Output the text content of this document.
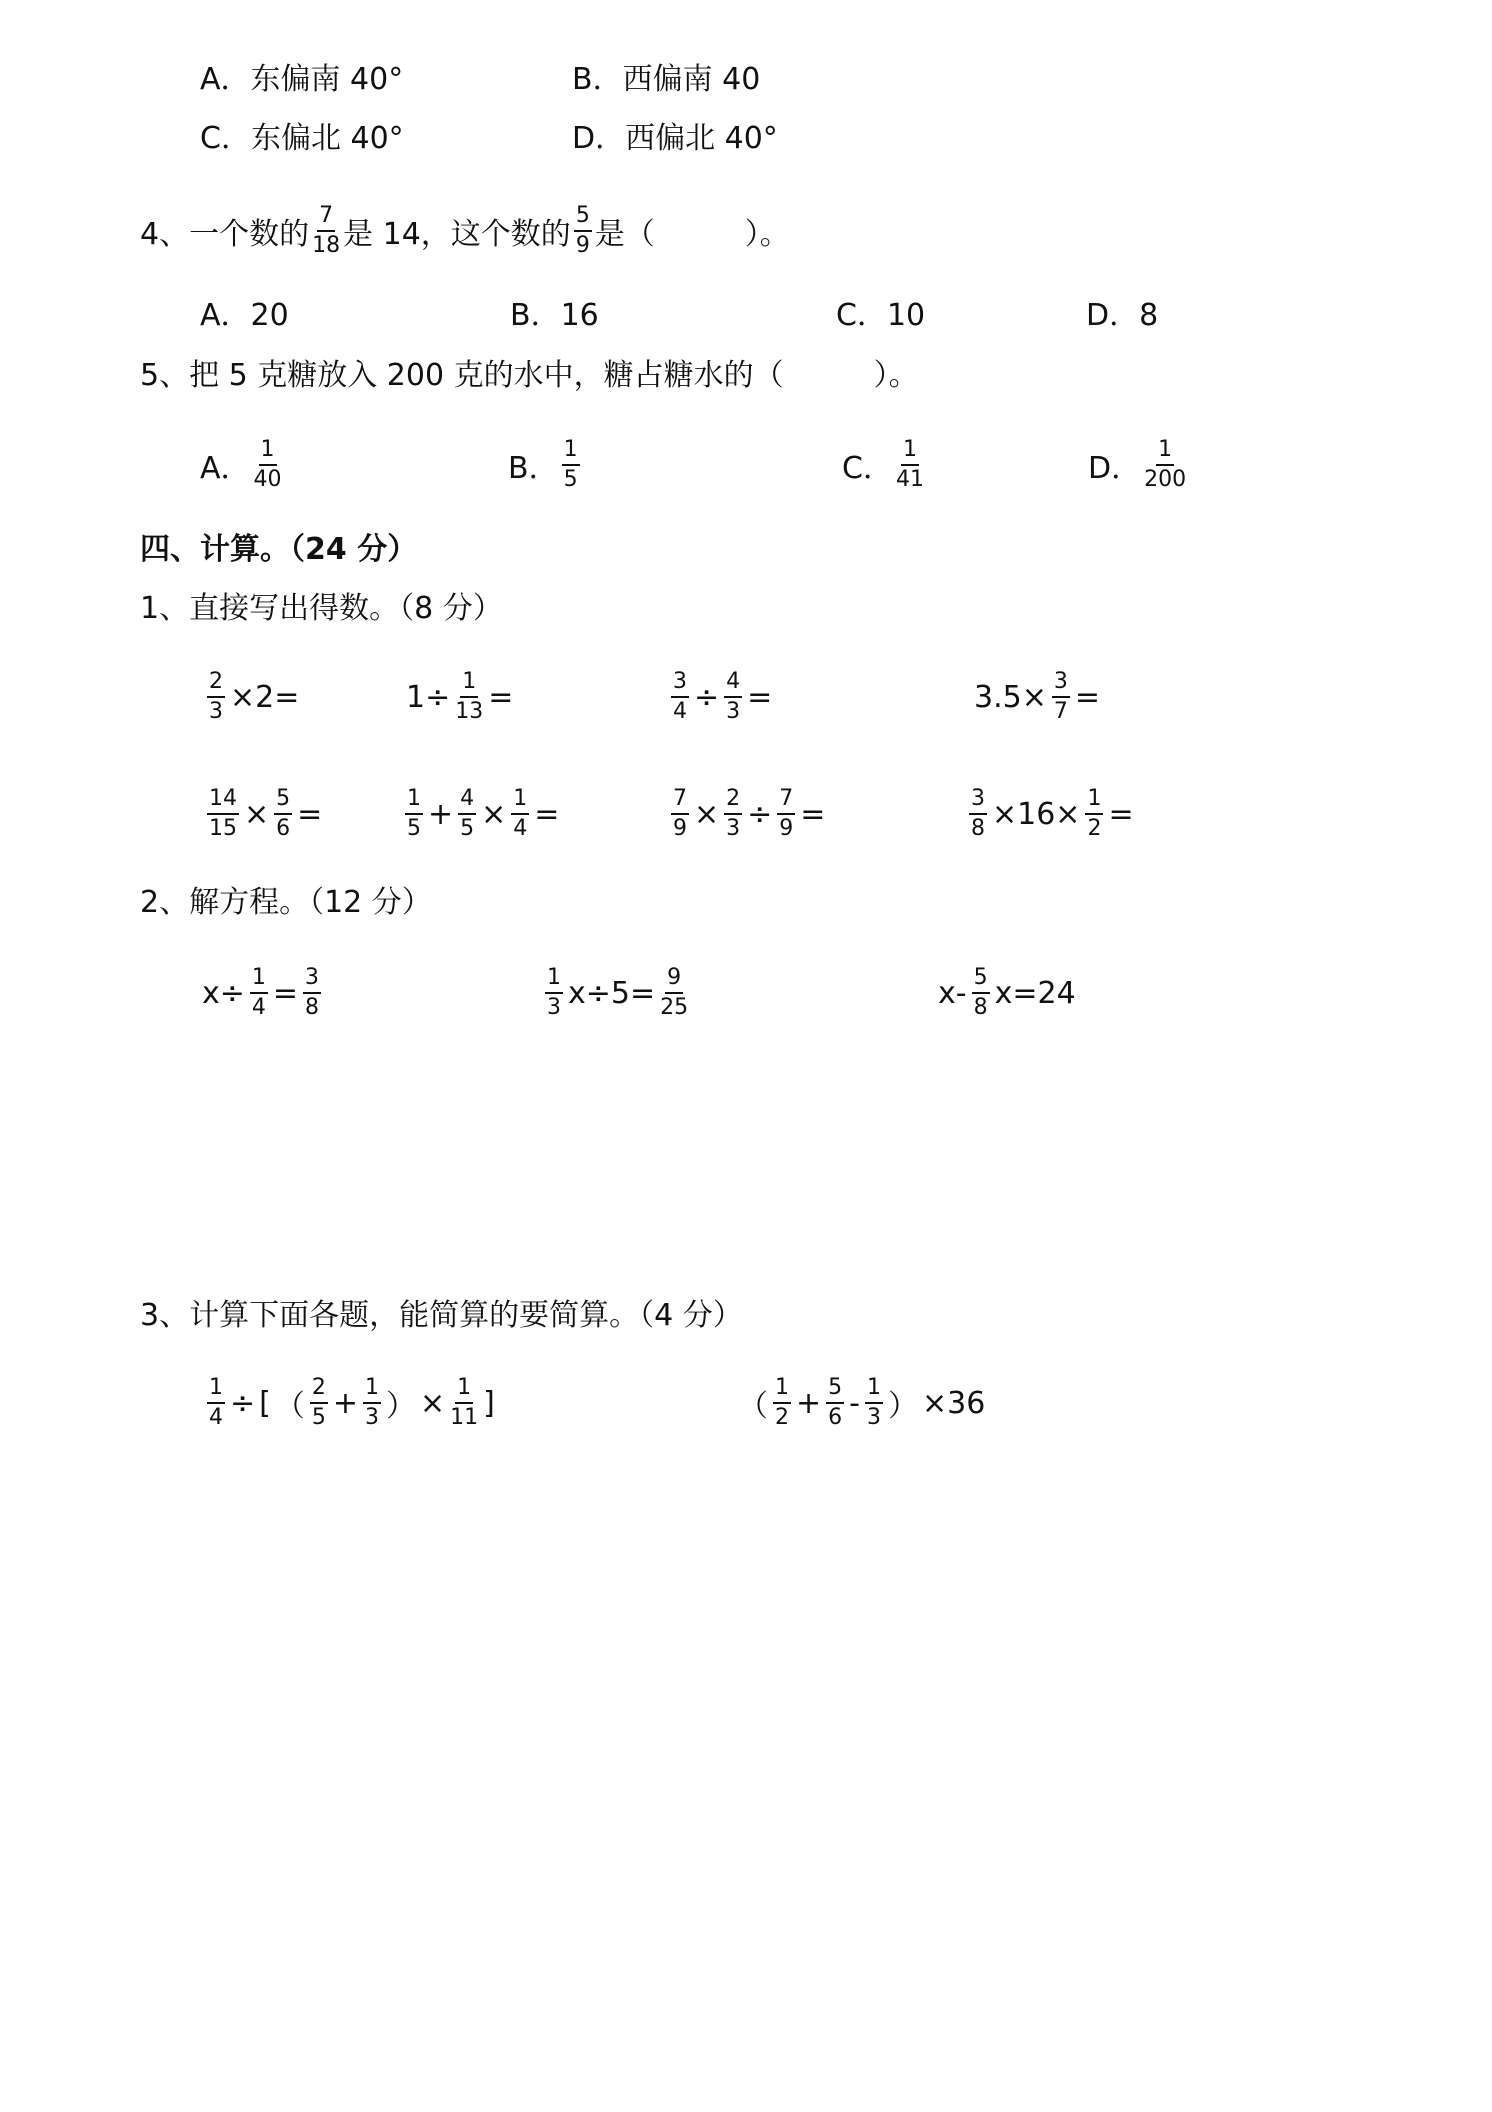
A．东偏南 40°	B．西偏南 40
C．东偏北 40°	D．西偏北 40°
4、一个数的 $\frac{7}{18}$ 是 14，这个数的 $\frac{5}{9}$ 是（　　　）。
A．20	B．16	C．10	D．8
5、把 5 克糖放入 200 克的水中，糖占糖水的（　　　）。
A． $\frac{1}{40}$	B． $\frac{1}{5}$	C． $\frac{1}{41}$	D． $\frac{1}{200}$
四、计算。（24 分）
1、直接写出得数。（8 分）
$\frac{2}{3} \times 2=$	$1\div \frac{1}{13}$ =	$\frac{3}{4} \div \frac{4}{3}$ =	$3.5\times \frac{3}{7}$ =
$\frac{14}{15} \times \frac{5}{6}$ =	$\frac{1}{5} + \frac{4}{5} \times \frac{1}{4}$ =	$\frac{7}{9} \times \frac{2}{3} \div \frac{7}{9}$ =	$\frac{3}{8} \times 16\times \frac{1}{2}$ =
2、解方程。（12 分）
$x\div \frac{1}{4} = \frac{3}{8}$	$\frac{1}{3} x\div 5= \frac{9}{25}$	$x- \frac{5}{8} x=24$
3、计算下面各题，能简算的要简算。（4 分）
$\frac{1}{4}$ ÷ [ （ $\frac{2}{5} + \frac{1}{3}$ ） × $\frac{1}{11}$ ]	（ $\frac{1}{2} + \frac{5}{6} - \frac{1}{3}$ ） ×36
